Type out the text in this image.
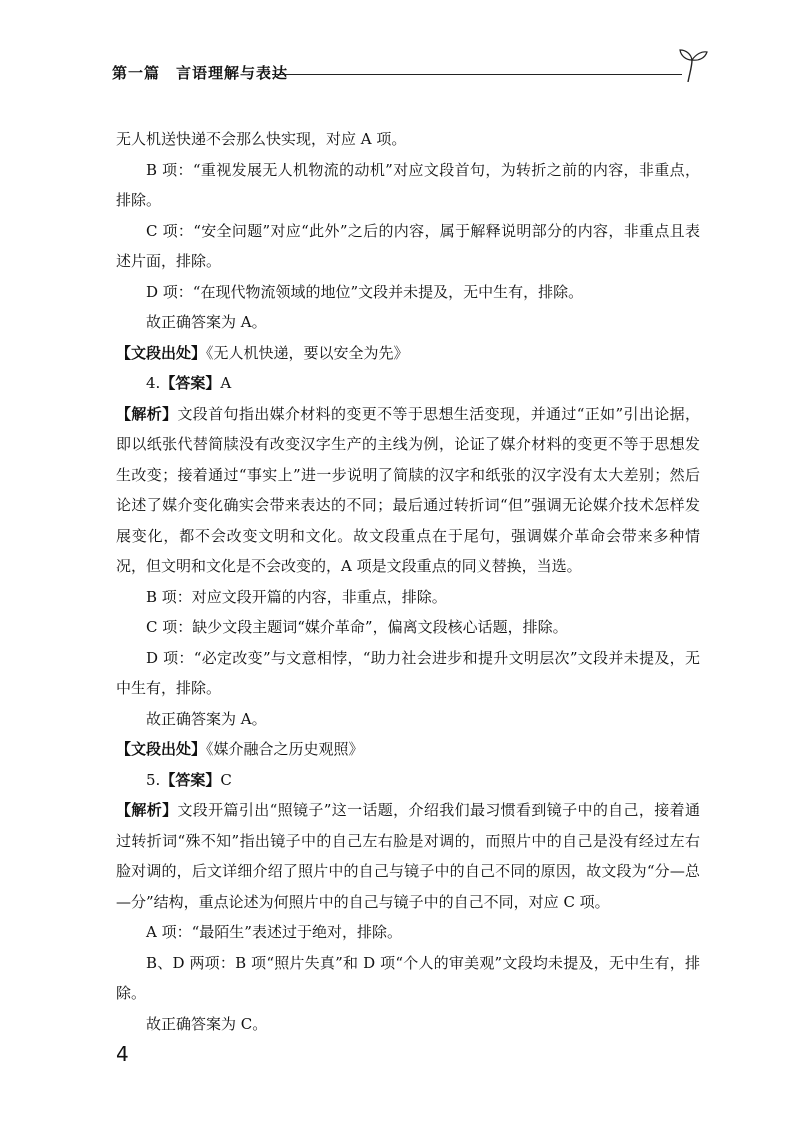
第一篇　言语理解与表达

无人机送快递不会那么快实现，对应 A 项。

B 项：“重视发展无人机物流的动机”对应文段首句，为转折之前的内容，非重点，排除。

C 项：“安全问题”对应“此外”之后的内容，属于解释说明部分的内容，非重点且表述片面，排除。

D 项：“在现代物流领域的地位”文段并未提及，无中生有，排除。

故正确答案为 A。

【文段出处】《无人机快递，要以安全为先》

4.【答案】A

【解析】文段首句指出媒介材料的变更不等于思想生活变现，并通过“正如”引出论据，即以纸张代替简牍没有改变汉字生产的主线为例，论证了媒介材料的变更不等于思想发生改变；接着通过“事实上”进一步说明了简牍的汉字和纸张的汉字没有太大差别；然后论述了媒介变化确实会带来表达的不同；最后通过转折词“但”强调无论媒介技术怎样发展变化，都不会改变文明和文化。故文段重点在于尾句，强调媒介革命会带来多种情况，但文明和文化是不会改变的，A 项是文段重点的同义替换，当选。

B 项：对应文段开篇的内容，非重点，排除。

C 项：缺少文段主题词“媒介革命”，偏离文段核心话题，排除。

D 项：“必定改变”与文意相悖，“助力社会进步和提升文明层次”文段并未提及，无中生有，排除。

故正确答案为 A。

【文段出处】《媒介融合之历史观照》

5.【答案】C

【解析】文段开篇引出“照镜子”这一话题，介绍我们最习惯看到镜子中的自己，接着通过转折词“殊不知”指出镜子中的自己左右脸是对调的，而照片中的自己是没有经过左右脸对调的，后文详细介绍了照片中的自己与镜子中的自己不同的原因，故文段为“分—总—分”结构，重点论述为何照片中的自己与镜子中的自己不同，对应 C 项。

A 项：“最陌生”表述过于绝对，排除。

B、D 两项：B 项“照片失真”和 D 项“个人的审美观”文段均未提及，无中生有，排除。

故正确答案为 C。

4
